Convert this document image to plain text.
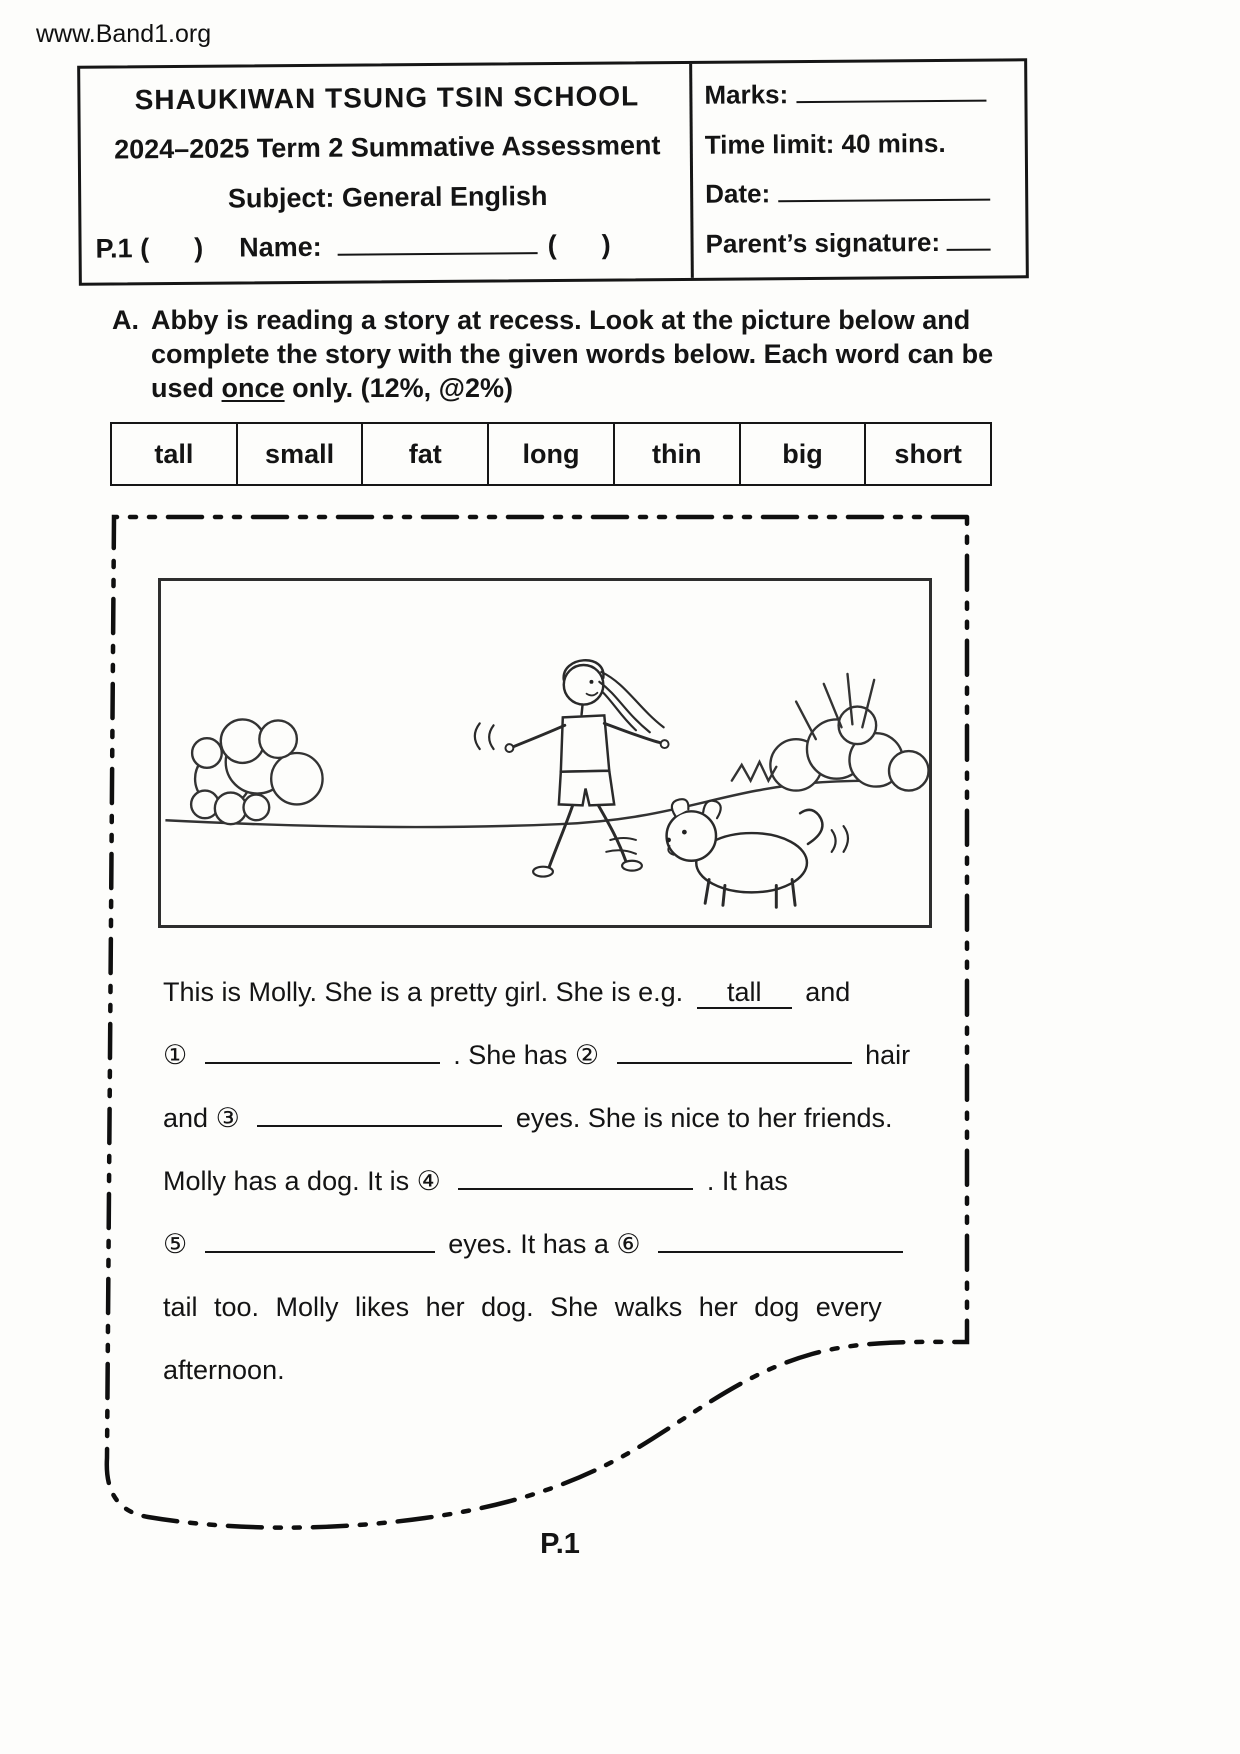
www.Band1.org
SHAUKIWAN TSUNG TSIN SCHOOL
2024–2025 Term 2 Summative Assessment
Subject: General English
P.1 (      ) Name:	(      )
Marks:
Time limit: 40 mins.
Date:
Parent’s signature:
A. Abby is reading a story at recess. Look at the picture below and complete the story with the given words below. Each word can be used once only. (12%, @2%)

tall	small	fat	long	thin	big	short
This is Molly. She is a pretty girl. She is e.g. tall and
①	. She has ②	hair
and ③	eyes. She is nice to her friends.
Molly has a dog. It is ④	. It has
⑤	eyes. It has a ⑥
tail too. Molly likes her dog. She walks her dog every
afternoon.
P.1
